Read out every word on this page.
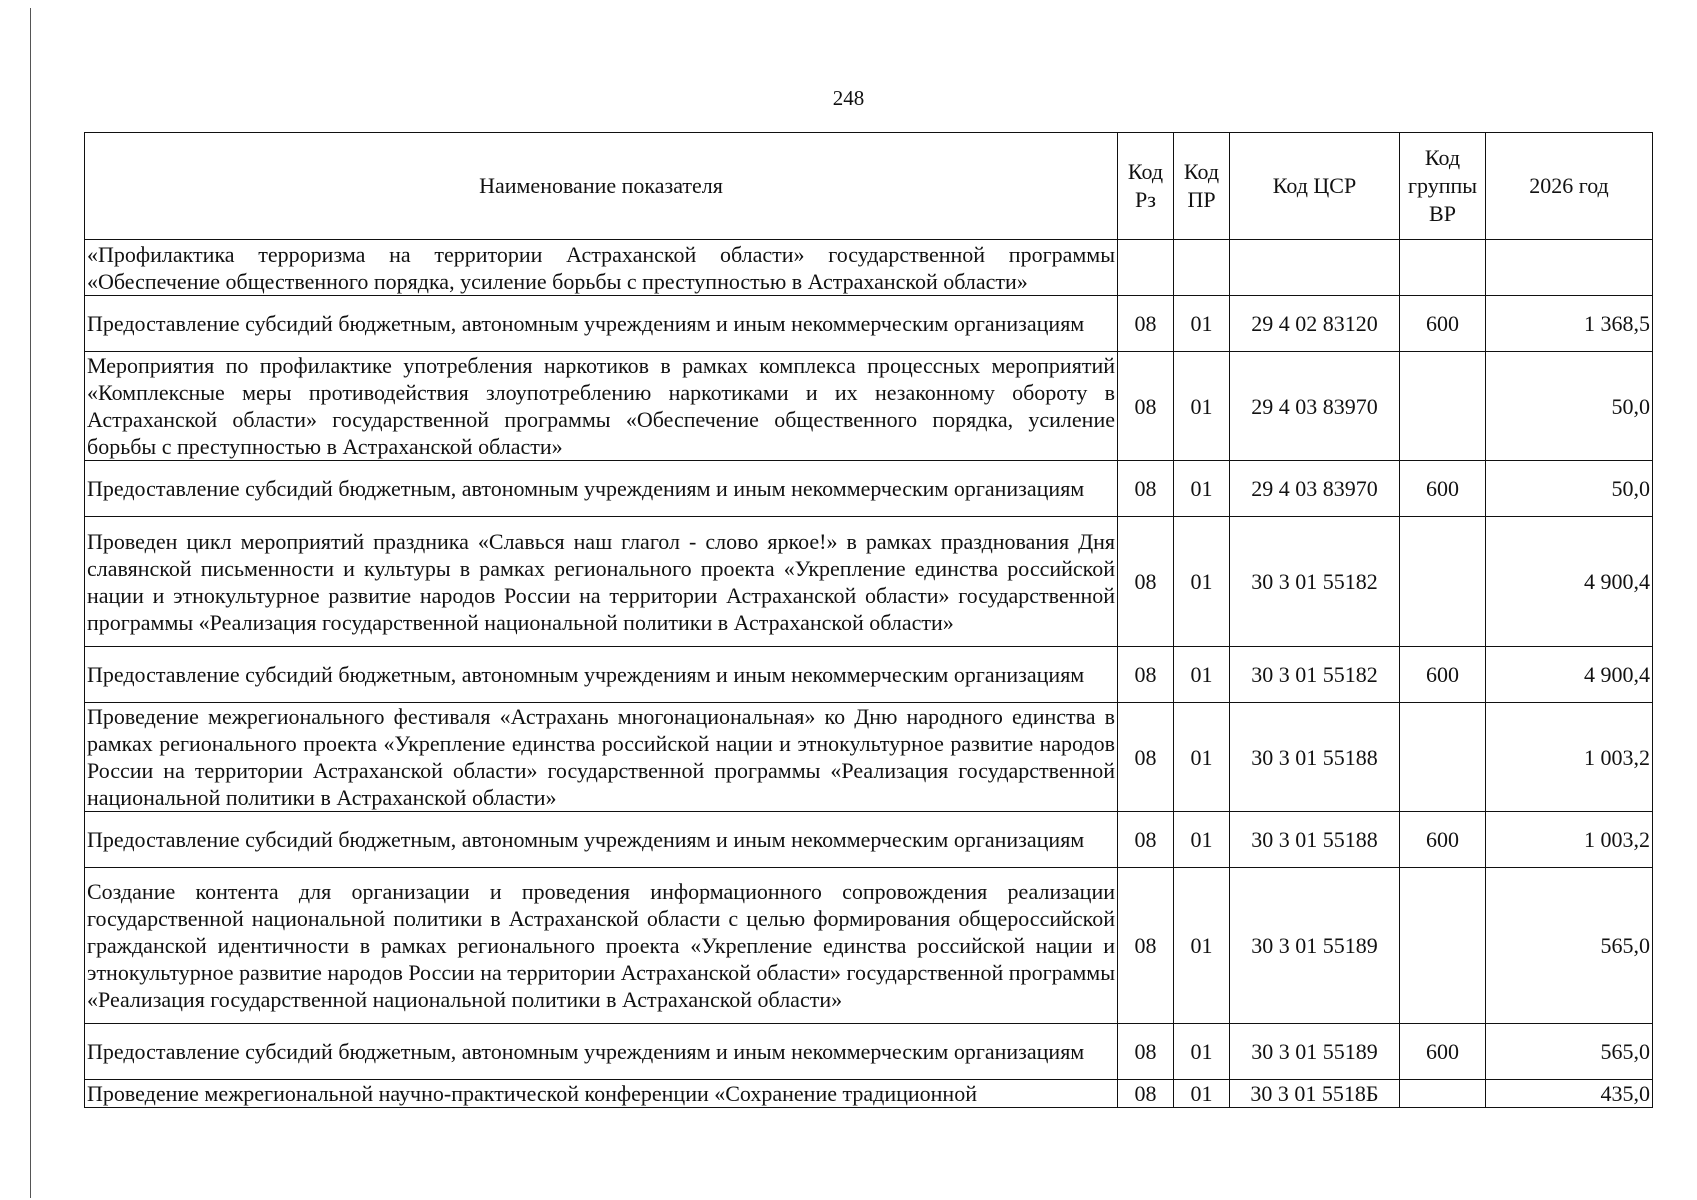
248
Наименование показателя	Код Рз	Код ПР	Код ЦСР	Код группы ВР	2026 год

«Профилактика терроризма на территории Астраханской области» государственной программы «Обеспечение общественного порядка, усиление борьбы с преступностью в Астраханской области»					

Предоставление субсидий бюджетным, автономным учреждениям и иным некоммерческим организациям	08	01	29 4 02 83120	600	1 368,5

Мероприятия по профилактике употребления наркотиков в рамках комплекса процессных мероприятий «Комплексные меры противодействия злоупотреблению наркотиками и их незаконному обороту в Астраханской области» государственной программы «Обеспечение общественного порядка, усиление борьбы с преступностью в Астраханской области»	08	01	29 4 03 83970		50,0

Предоставление субсидий бюджетным, автономным учреждениям и иным некоммерческим организациям	08	01	29 4 03 83970	600	50,0

Проведен цикл мероприятий праздника «Славься наш глагол - слово яркое!» в рамках празднования Дня славянской письменности и культуры в рамках регионального проекта «Укрепление единства российской нации и этнокультурное развитие народов России на территории Астраханской области» государственной программы «Реализация государственной национальной политики в Астраханской области»	08	01	30 3 01 55182		4 900,4

Предоставление субсидий бюджетным, автономным учреждениям и иным некоммерческим организациям	08	01	30 3 01 55182	600	4 900,4

Проведение межрегионального фестиваля «Астрахань многонациональная» ко Дню народного единства в рамках регионального проекта «Укрепление единства российской нации и этнокультурное развитие народов России на территории Астраханской области» государственной программы «Реализация государственной национальной политики в Астраханской области»	08	01	30 3 01 55188		1 003,2

Предоставление субсидий бюджетным, автономным учреждениям и иным некоммерческим организациям	08	01	30 3 01 55188	600	1 003,2

Создание контента для организации и проведения информационного сопровождения реализации государственной национальной политики в Астраханской области с целью формирования общероссийской гражданской идентичности в рамках регионального проекта «Укрепление единства российской нации и этнокультурное развитие народов России на территории Астраханской области» государственной программы «Реализация государственной национальной политики в Астраханской области»	08	01	30 3 01 55189		565,0

Предоставление субсидий бюджетным, автономным учреждениям и иным некоммерческим организациям	08	01	30 3 01 55189	600	565,0

Проведение межрегиональной научно-практической конференции «Сохранение традиционной	08	01	30 3 01 5518Б		435,0
